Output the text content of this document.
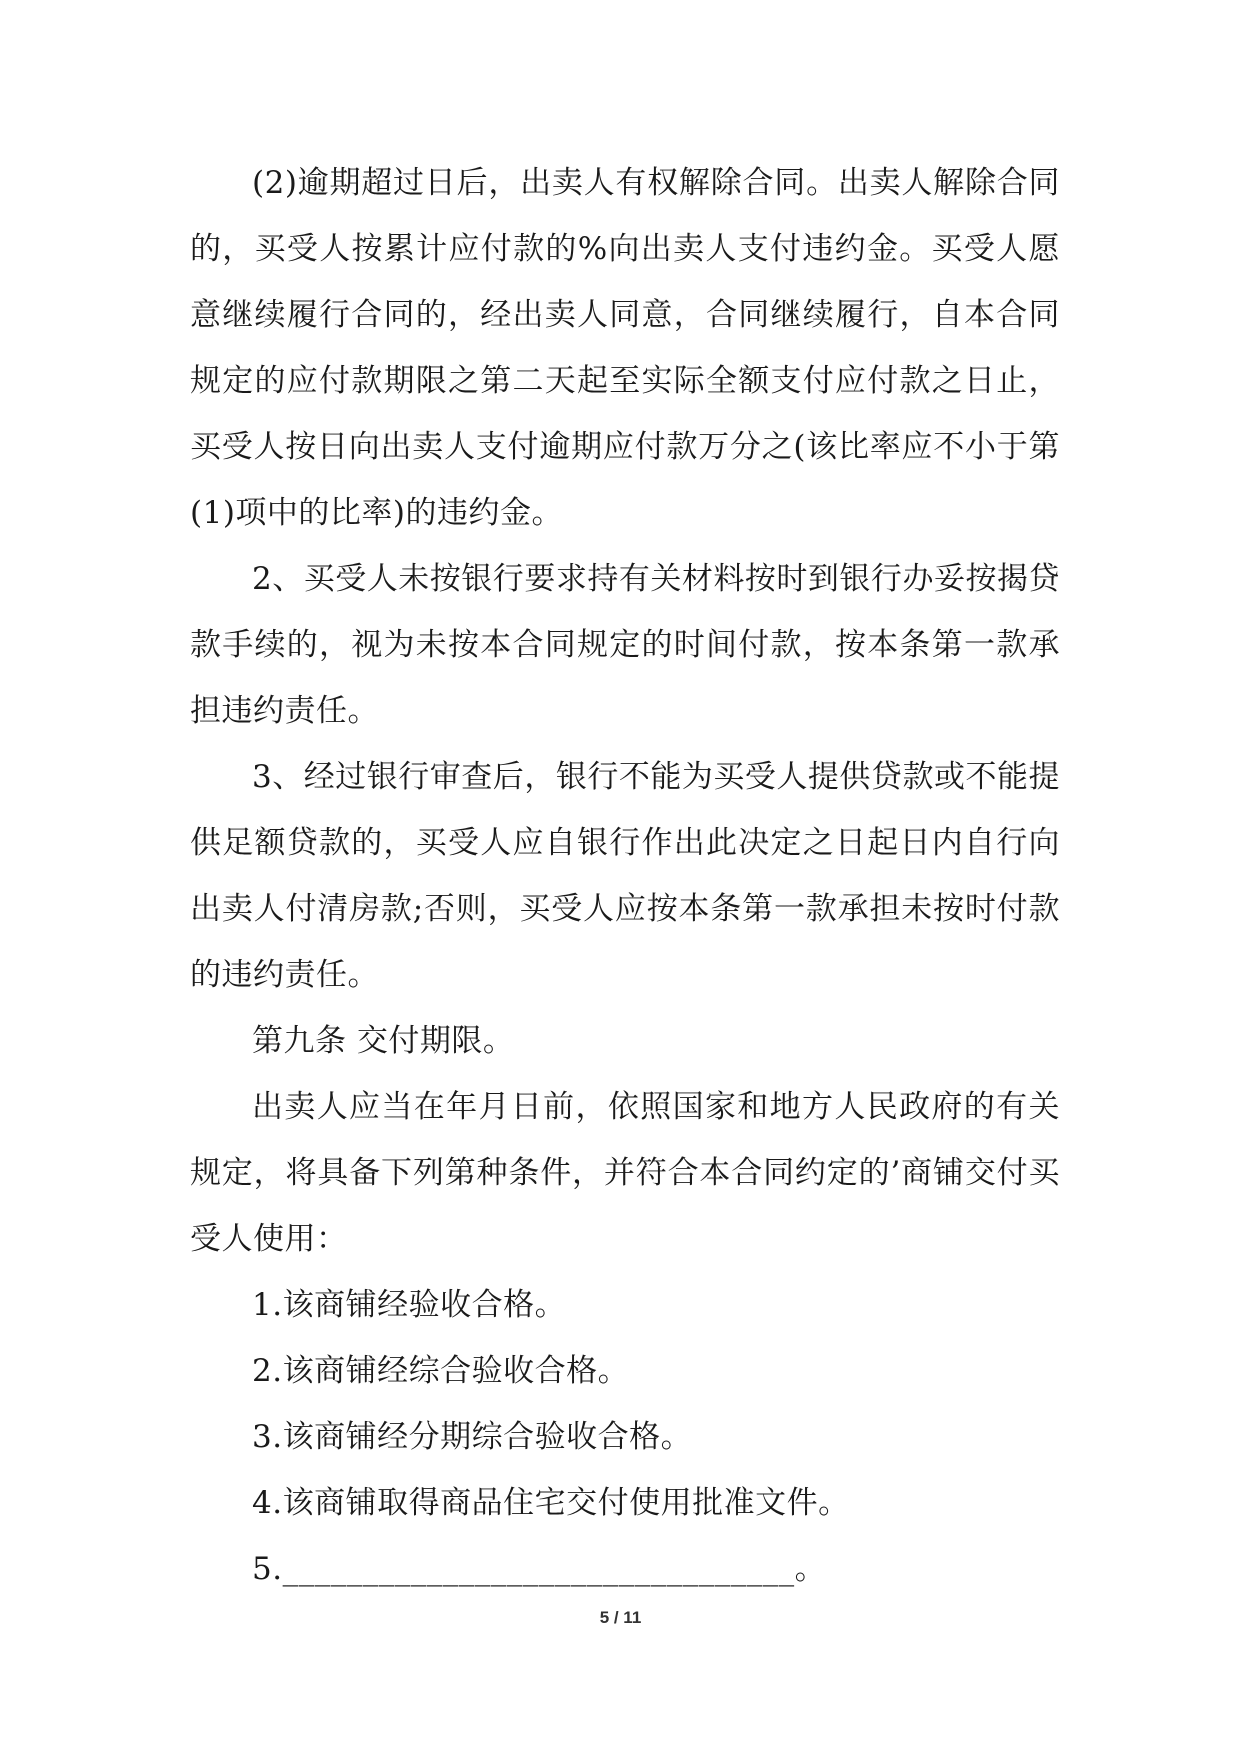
(2)逾期超过日后，出卖人有权解除合同。出卖人解除合同的，买受人按累计应付款的%向出卖人支付违约金。买受人愿意继续履行合同的，经出卖人同意，合同继续履行，自本合同规定的应付款期限之第二天起至实际全额支付应付款之日止，买受人按日向出卖人支付逾期应付款万分之(该比率应不小于第(1)项中的比率)的违约金。

2、买受人未按银行要求持有关材料按时到银行办妥按揭贷款手续的，视为未按本合同规定的时间付款，按本条第一款承担违约责任。

3、经过银行审查后，银行不能为买受人提供贷款或不能提供足额贷款的，买受人应自银行作出此决定之日起日内自行向出卖人付清房款;否则，买受人应按本条第一款承担未按时付款的违约责任。

第九条 交付期限。

出卖人应当在年月日前，依照国家和地方人民政府的有关规定，将具备下列第种条件，并符合本合同约定的’商铺交付买受人使用：

1.该商铺经验收合格。

2.该商铺经综合验收合格。

3.该商铺经分期综合验收合格。

4.该商铺取得商品住宅交付使用批准文件。

5.________________________________。

5 / 11
